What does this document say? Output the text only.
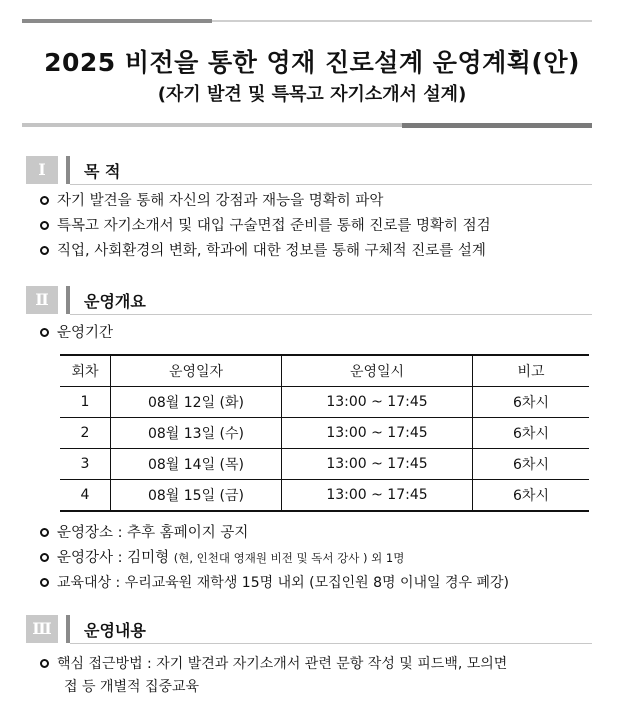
2025 비전을 통한 영재 진로설계 운영계획(안)
(자기 발견 및 특목고 자기소개서 설계)
Ⅰ	목 적
자기 발견을 통해 자신의 강점과 재능을 명확히 파악
특목고 자기소개서 및 대입 구술면접 준비를 통해 진로를 명확히 점검
직업, 사회환경의 변화, 학과에 대한 정보를 통해 구체적 진로를 설계
Ⅱ	운영개요
운영기간
회차	운영일자	운영일시	비고
1	08월 12일 (화)	13:00 ~ 17:45	6차시
2	08월 13일 (수)	13:00 ~ 17:45	6차시
3	08월 14일 (목)	13:00 ~ 17:45	6차시
4	08월 15일 (금)	13:00 ~ 17:45	6차시
운영장소 : 추후 홈페이지 공지
운영강사 : 김미형 (현, 인천대 영재원 비전 및 독서 강사 ) 외 1명
교육대상 : 우리교육원 재학생 15명 내외 (모집인원 8명 이내일 경우 폐강)
Ⅲ	운영내용
핵심 접근방법 : 자기 발견과 자기소개서 관련 문항 작성 및 피드백, 모의면
접 등 개별적 집중교육
